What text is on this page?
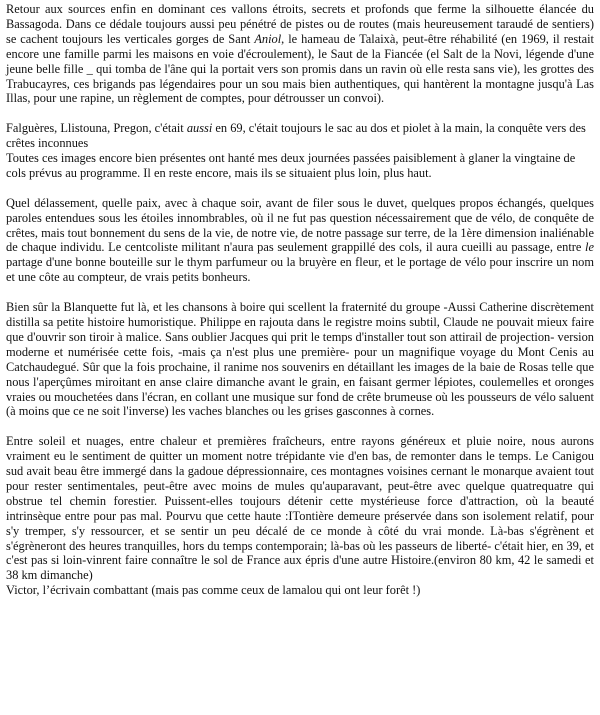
Retour aux sources enfin en dominant ces vallons étroits, secrets et profonds que ferme la silhouette élancée du Bassagoda. Dans ce dédale toujours aussi peu pénétré de pistes ou de routes (mais heureusement taraudé de sentiers) se cachent toujours les verticales gorges de Sant Aniol, le hameau de Talaixà, peut-être réhabilité (en 1969, il restait encore une famille parmi les maisons en voie d'écroulement), le Saut de la Fiancée (el Salt de la Novi, légende d'une jeune belle fille _ qui tomba de l'âne qui la portait vers son promis dans un ravin où elle resta sans vie), les grottes des Trabucayres, ces brigands pas légendaires pour un sou mais bien authentiques, qui hantèrent la montagne jusqu'à Las Illas, pour une rapine, un règlement de comptes, pour détrousser un convoi).

Falguères, Llistouna, Pregon, c'était aussi en 69, c'était toujours le sac au dos et piolet à la main, la conquête vers des crêtes inconnues

Toutes ces images encore bien présentes ont hanté mes deux journées passées paisiblement à glaner la vingtaine de cols prévus au programme. Il en reste encore, mais ils se situaient plus loin, plus haut.

Quel délassement, quelle paix, avec à chaque soir, avant de filer sous le duvet, quelques propos échangés, quelques paroles entendues sous les étoiles innombrables, où il ne fut pas question nécessairement que de vélo, de conquête de crêtes, mais tout bonnement du sens de la vie, de notre vie, de notre passage sur terre, de la 1ère dimension inaliénable de chaque individu. Le centcoliste militant n'aura pas seulement grappillé des cols, il aura cueilli au passage, entre le partage d'une bonne bouteille sur le thym parfumeur ou la bruyère en fleur, et le portage de vélo pour inscrire un nom et une côte au compteur, de vrais petits bonheurs.

Bien sûr la Blanquette fut là, et les chansons à boire qui scellent la fraternité du groupe -Aussi Catherine discrètement distilla sa petite histoire humoristique. Philippe en rajouta dans le registre moins subtil, Claude ne pouvait mieux faire que d'ouvrir son tiroir à malice. Sans oublier Jacques qui prit le temps d'installer tout son attirail de projection- version moderne et numérisée cette fois, -mais ça n'est plus une première- pour un magnifique voyage du Mont Cenis au Catchaudegué. Sûr que la fois prochaine, il ranime nos souvenirs en détaillant les images de la baie de Rosas telle que nous l'aperçûmes miroitant en anse claire dimanche avant le grain, en faisant germer lépiotes, coulemelles et oronges vraies ou mouchetées dans l'écran, en collant une musique sur fond de crête brumeuse où les pousseurs de vélo saluent (à moins que ce ne soit l'inverse) les vaches blanches ou les grises gasconnes à cornes.

Entre soleil et nuages, entre chaleur et premières fraîcheurs, entre rayons généreux et pluie noire, nous aurons vraiment eu le sentiment de quitter un moment notre trépidante vie d'en bas, de remonter dans le temps. Le Canigou sud avait beau être immergé dans la gadoue dépressionnaire, ces montagnes voisines cernant le monarque avaient tout pour rester sentimentales, peut-être avec moins de mules qu'auparavant, peut-être avec quelque quatrequatre qui obstrue tel chemin forestier. Puissent-elles toujours détenir cette mystérieuse force d'attraction, où la beauté intrinsèque entre pour pas mal. Pourvu que cette haute :ITontière demeure préservée dans son isolement relatif, pour s'y tremper, s'y ressourcer, et se sentir un peu décalé de ce monde à côté du vrai monde. Là-bas s'égrènent et s'égrèneront des heures tranquilles, hors du temps contemporain; là-bas où les passeurs de liberté- c'était hier, en 39, et c'est pas si loin-vinrent faire connaître le sol de France aux épris d'une autre Histoire.(environ 80 km, 42 le samedi et 38 km dimanche)

Victor, l’écrivain combattant (mais pas comme ceux de lamalou qui ont leur forêt !)
